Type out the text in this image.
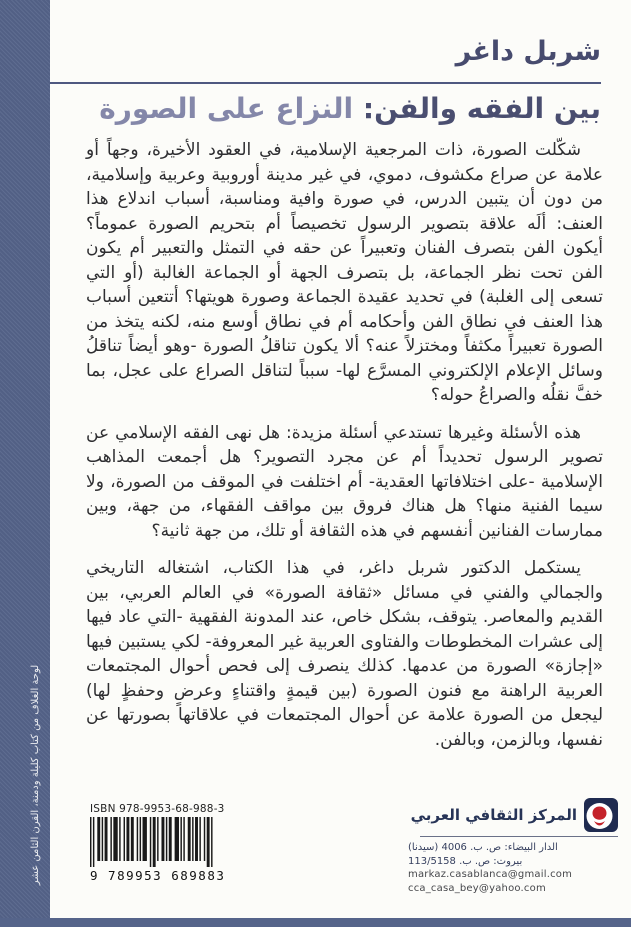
لوحة الغلاف من كتاب كليلة ودمنة، القرن الثامن عشر
شربل داغر
بين الفقه والفن: النزاع على الصورة

شكّلت الصورة، ذات المرجعية الإسلامية، في العقود الأخيرة، وجهاً أو علامة عن صراع مكشوف، دموي، في غير مدينة أوروبية وعربية وإسلامية، من دون أن يتبين الدرس، في صورة وافية ومناسبة، أسباب اندلاع هذا العنف: ألَه علاقة بتصوير الرسول تخصيصاً أم بتحريم الصورة عموماً؟ أيكون الفن بتصرف الفنان وتعبيراً عن حقه في التمثل والتعبير أم يكون الفن تحت نظر الجماعة، بل بتصرف الجهة أو الجماعة الغالبة (أو التي تسعى إلى الغلبة) في تحديد عقيدة الجماعة وصورة هويتها؟ أتتعين أسباب هذا العنف في نطاق الفن وأحكامه أم في نطاق أوسع منه، لكنه يتخذ من الصورة تعبيراً مكثفاً ومختزلاً عنه؟ ألا يكون تناقلُ الصورة -وهو أيضاً تناقلُ وسائل الإعلام الإلكتروني المسرَّع لها- سبباً لتناقل الصراع على عجل، بما خفَّ نقلُه والصراعُ حوله؟

هذه الأسئلة وغيرها تستدعي أسئلة مزيدة: هل نهى الفقه الإسلامي عن تصوير الرسول تحديداً أم عن مجرد التصوير؟ هل أجمعت المذاهب الإسلامية -على اختلافاتها العقدية- أم اختلفت في الموقف من الصورة، ولا سيما الفنية منها؟ هل هناك فروق بين مواقف الفقهاء، من جهة، وبين ممارسات الفنانين أنفسهم في هذه الثقافة أو تلك، من جهة ثانية؟

يستكمل الدكتور شربل داغر، في هذا الكتاب، اشتغاله التاريخي والجمالي والفني في مسائل «ثقافة الصورة» في العالم العربي، بين القديم والمعاصر. يتوقف، بشكل خاص، عند المدونة الفقهية -التي عاد فيها إلى عشرات المخطوطات والفتاوى العربية غير المعروفة- لكي يستبين فيها «إجازة» الصورة من عدمها. كذلك ينصرف إلى فحص أحوال المجتمعات العربية الراهنة مع فنون الصورة (بين قيمةٍ واقتناءٍ وعرضٍ وحفظٍ لها) ليجعل من الصورة علامة عن أحوال المجتمعات في علاقاتها بصورتها عن نفسها، وبالزمن، وبالفن.

ISBN 978-9953-68-988-3
9 789953 689883
المركز الثقافي العربي
الدار البيضاء: ص. ب. 4006 (سيدنا)
بيروت: ص. ب. 113/5158
markaz.casablanca@gmail.com
cca_casa_bey@yahoo.com
